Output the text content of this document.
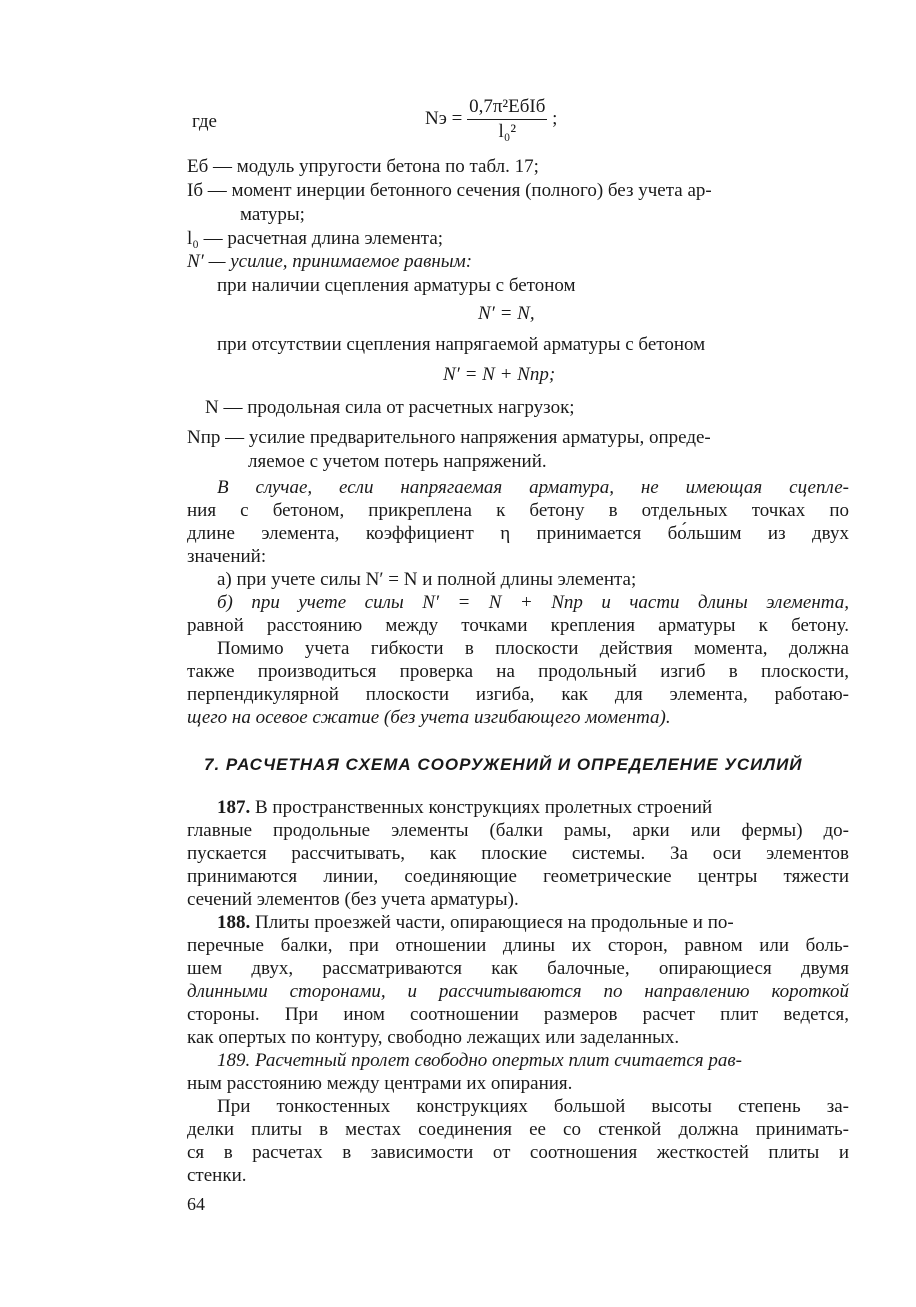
где	Nэ = $\frac{\text{0,7π²EбIб}}{\text{l₀²}}$ ;
Eб — модуль упругости бетона по табл. 17;
Iб — момент инерции бетонного сечения (полного) без учета ар-
матуры;
l₀ — расчетная длина элемента;
N′ — усилие, принимаемое равным:
при наличии сцепления арматуры с бетоном
N′ = N,
при отсутствии сцепления напрягаемой арматуры с бетоном
N′ = N + Nпр;
N — продольная сила от расчетных нагрузок;
Nпр — усилие предварительного напряжения арматуры, опреде-
ляемое с учетом потерь напряжений.
В случае, если напрягаемая арматура, не имеющая сцепле-
ния с бетоном, прикреплена к бетону в отдельных точках по
длине элемента, коэффициент η принимается бо́льшим из двух
значений:
а) при учете силы N′ = N и полной длины элемента;
б) при учете силы N′ = N + Nпр и части длины элемента,
равной расстоянию между точками крепления арматуры к бетону.
Помимо учета гибкости в плоскости действия момента, должна
также производиться проверка на продольный изгиб в плоскости,
перпендикулярной плоскости изгиба, как для элемента, работаю-
щего на осевое сжатие (без учета изгибающего момента).
7. РАСЧЕТНАЯ СХЕМА СООРУЖЕНИЙ И ОПРЕДЕЛЕНИЕ УСИЛИЙ
187. В пространственных конструкциях пролетных строений
главные продольные элементы (балки рамы, арки или фермы) до-
пускается рассчитывать, как плоские системы. За оси элементов
принимаются линии, соединяющие геометрические центры тяжести
сечений элементов (без учета арматуры).
188. Плиты проезжей части, опирающиеся на продольные и по-
перечные балки, при отношении длины их сторон, равном или боль-
шем двух, рассматриваются как балочные, опирающиеся двумя
длинными сторонами, и рассчитываются по направлению короткой
стороны. При ином соотношении размеров расчет плит ведется,
как опертых по контуру, свободно лежащих или заделанных.
189. Расчетный пролет свободно опертых плит считается рав-
ным расстоянию между центрами их опирания.
При тонкостенных конструкциях большой высоты степень за-
делки плиты в местах соединения ее со стенкой должна принимать-
ся в расчетах в зависимости от соотношения жесткостей плиты и
стенки.
64
